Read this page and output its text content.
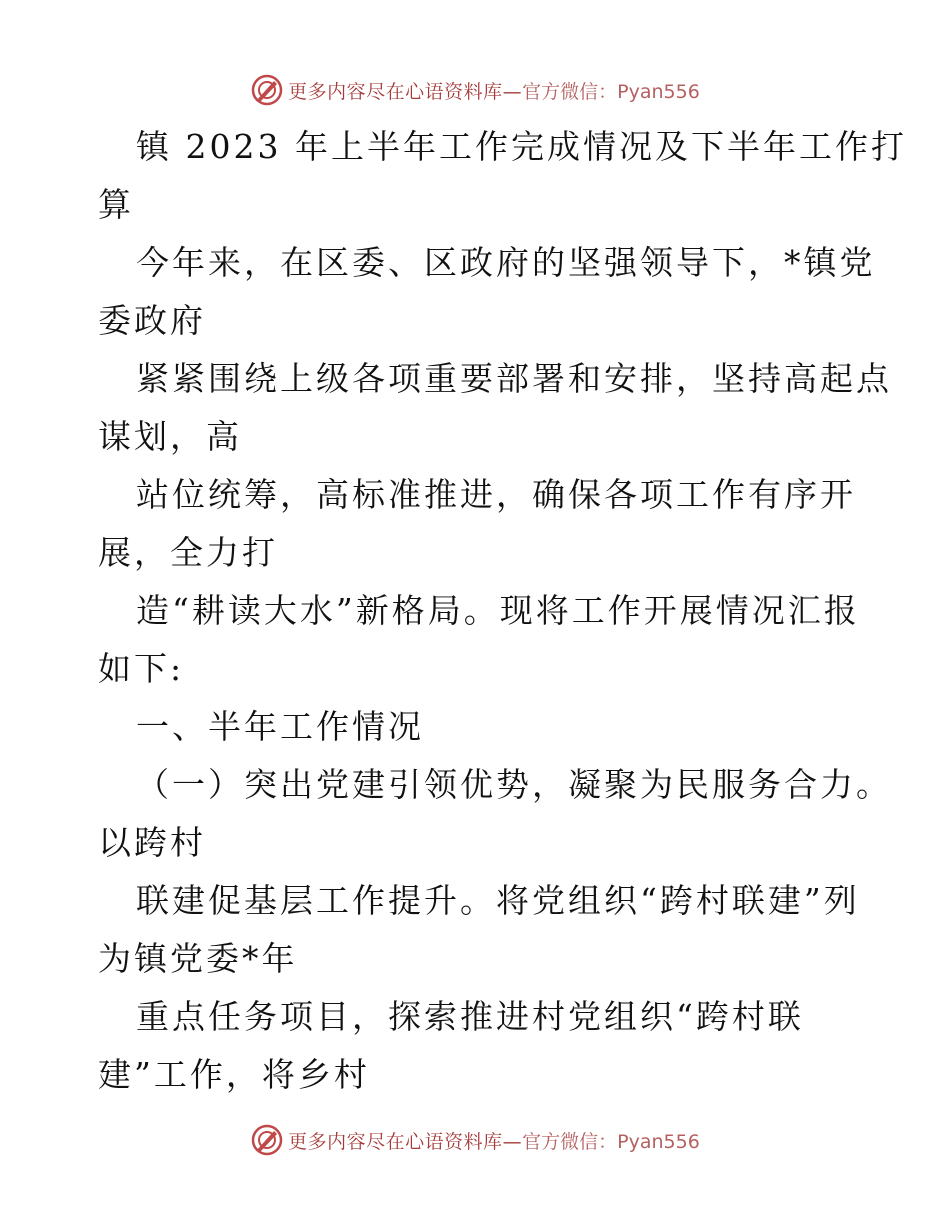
更多内容尽在心语资料库— 官方微信：Pyan556
镇 2023 年上半年工作完成情况及下半年工作打
算
今年来，在区委、区政府的坚强领导下，*镇党
委政府
紧紧围绕上级各项重要部署和安排，坚持高起点
谋划，高
站位统筹，高标准推进，确保各项工作有序开
展，全力打
造“耕读大水”新格局。现将工作开展情况汇报
如下:
一、半年工作情况
（一）突出党建引领优势，凝聚为民服务合力。
以跨村
联建促基层工作提升。将党组织“跨村联建”列
为镇党委*年
重点任务项目，探索推进村党组织“跨村联
建”工作，将乡村
更多内容尽在心语资料库— 官方微信：Pyan556
